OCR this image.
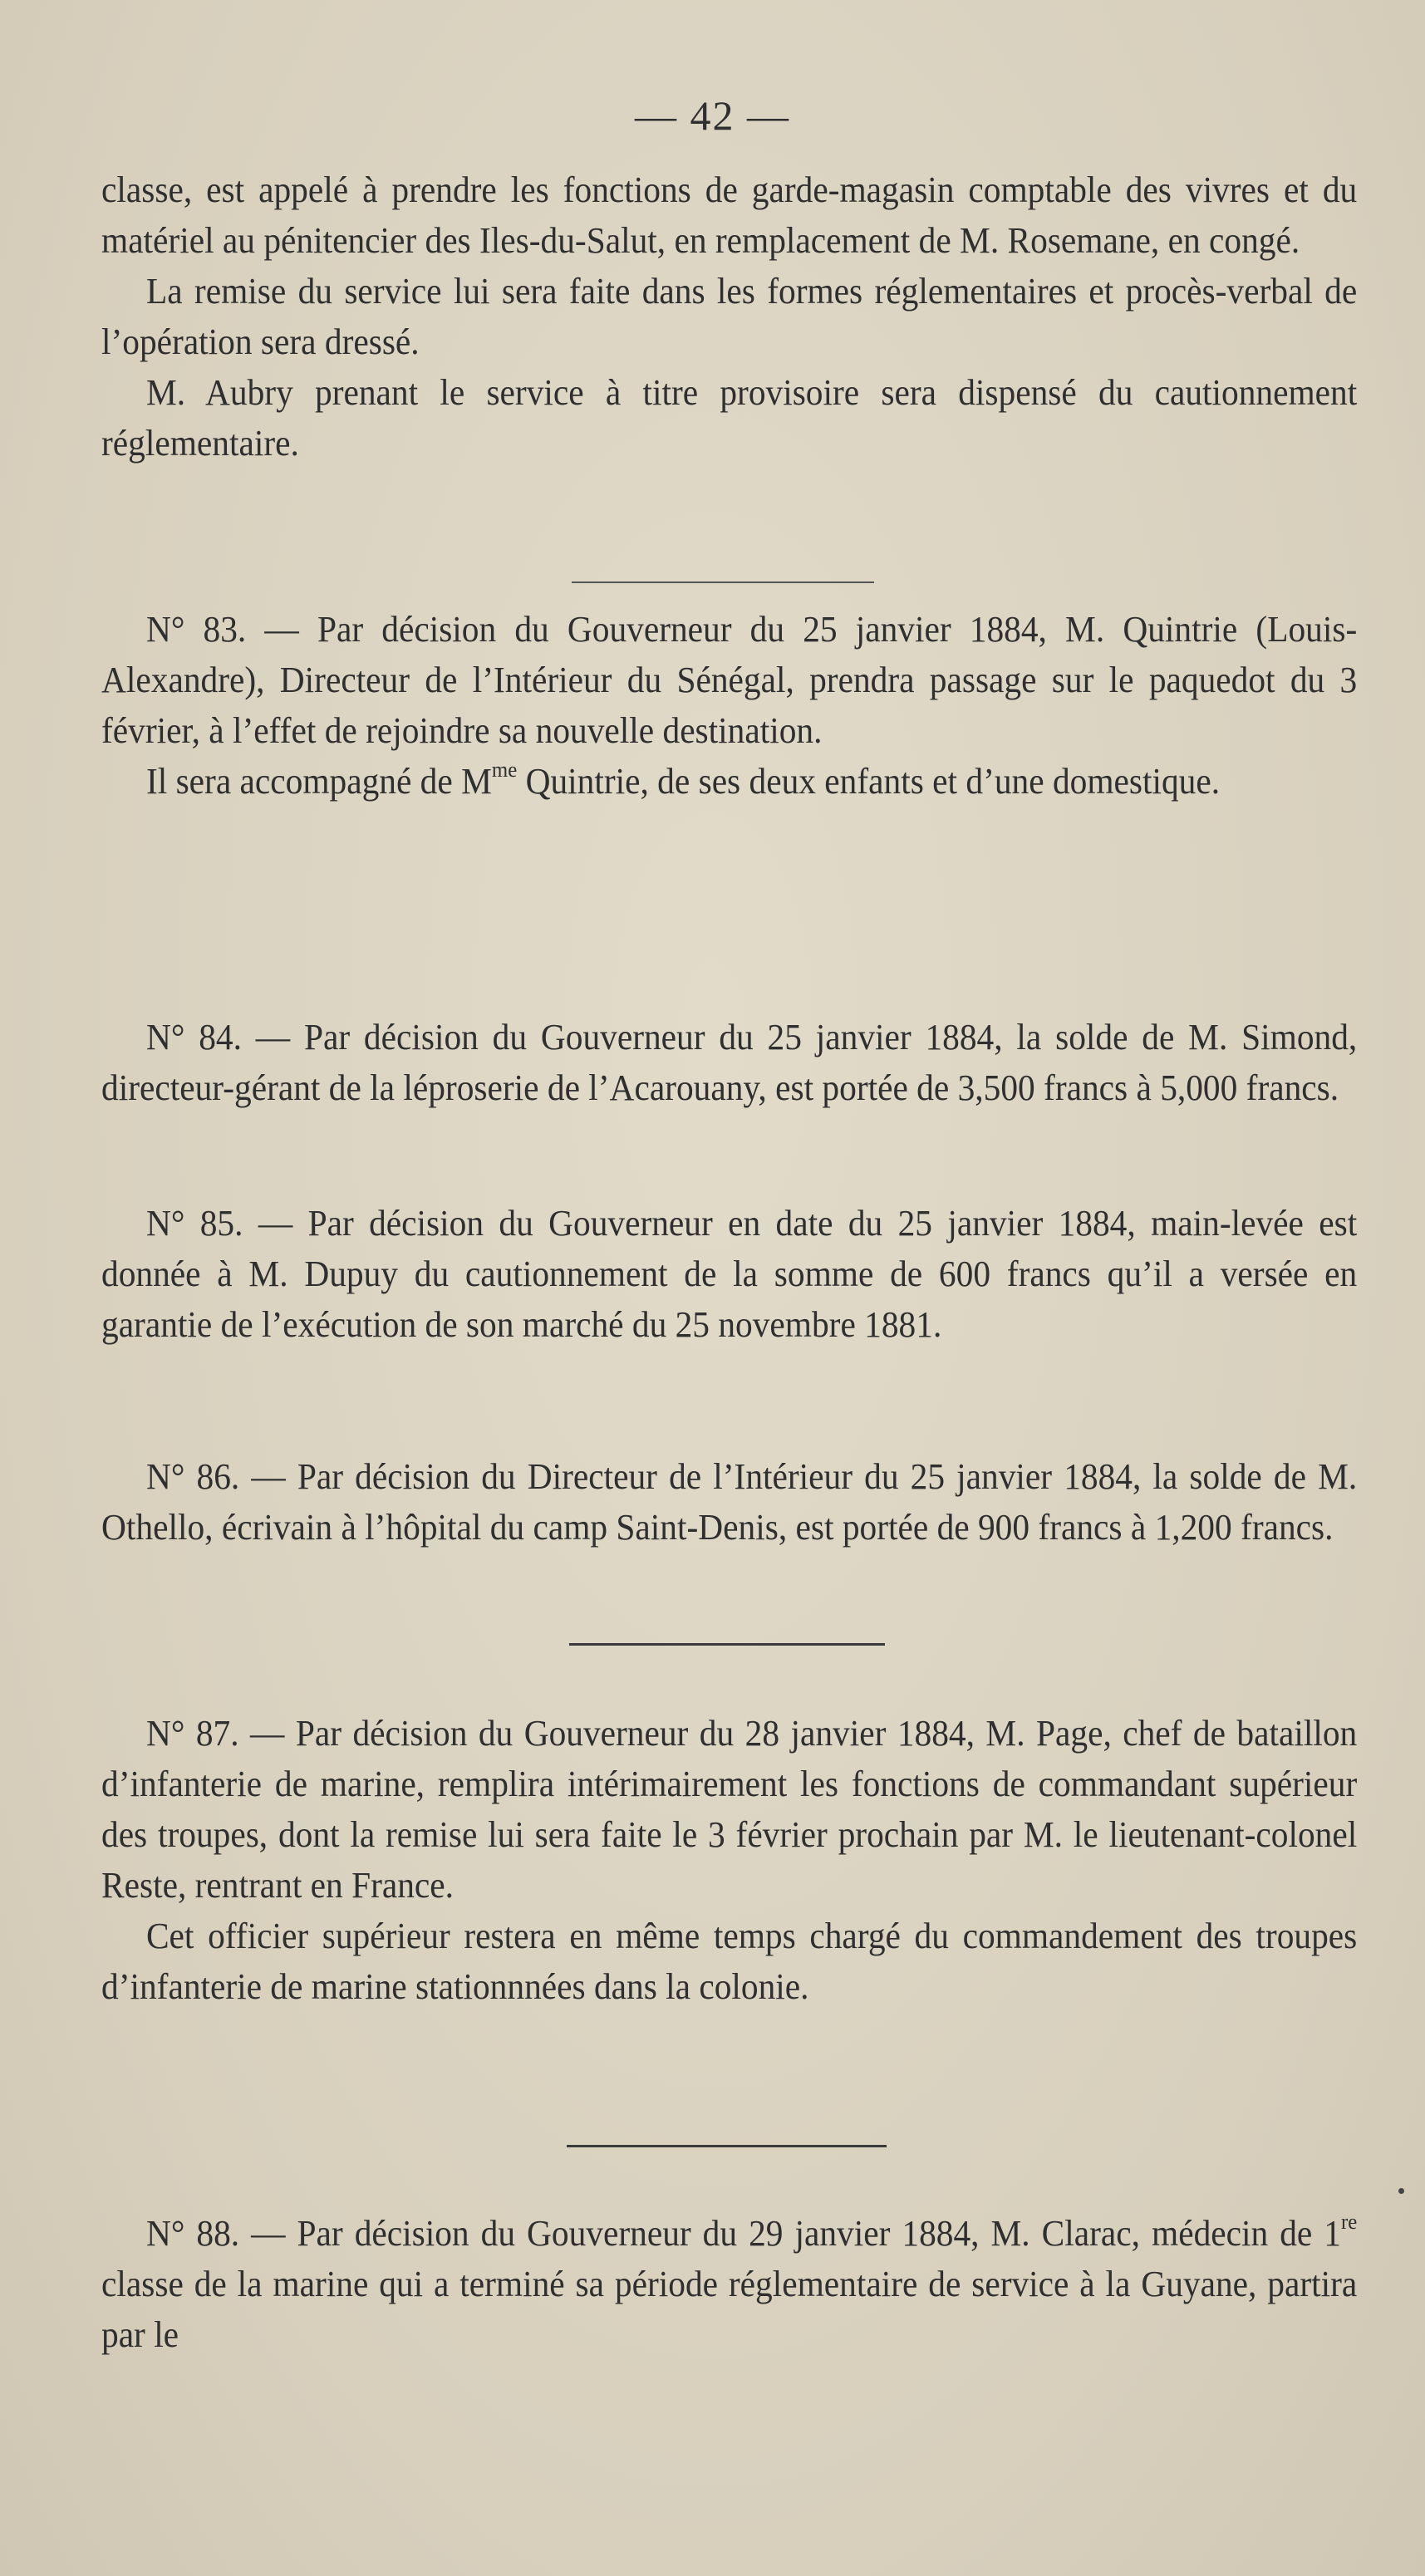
— 42 —

classe, est appelé à prendre les fonctions de garde-magasin comptable des vivres et du matériel au pénitencier des Iles-du-Salut, en remplacement de M. Rosemane, en congé.

La remise du service lui sera faite dans les formes réglementaires et procès-verbal de l’opération sera dressé.

M. Aubry prenant le service à titre provisoire sera dispensé du cautionnement réglementaire.

N° 83. — Par décision du Gouverneur du 25 janvier 1884, M. Quintrie (Louis-Alexandre), Directeur de l’Intérieur du Sénégal, prendra passage sur le paquedot du 3 février, à l’effet de rejoindre sa nouvelle destination.

Il sera accompagné de $M^{me}$ Quintrie, de ses deux enfants et d’une domestique.

N° 84. — Par décision du Gouverneur du 25 janvier 1884, la solde de M. Simond, directeur-gérant de la léproserie de l’Acarouany, est portée de 3,500 francs à 5,000 francs.

N° 85. — Par décision du Gouverneur en date du 25 janvier 1884, main-levée est donnée à M. Dupuy du cautionnement de la somme de 600 francs qu’il a versée en garantie de l’exécution de son marché du 25 novembre 1881.

N° 86. — Par décision du Directeur de l’Intérieur du 25 janvier 1884, la solde de M. Othello, écrivain à l’hôpital du camp Saint-Denis, est portée de 900 francs à 1,200 francs.

N° 87. — Par décision du Gouverneur du 28 janvier 1884, M. Page, chef de bataillon d’infanterie de marine, remplira intérimairement les fonctions de commandant supérieur des troupes, dont la remise lui sera faite le 3 février prochain par M. le lieutenant-colonel Reste, rentrant en France.

Cet officier supérieur restera en même temps chargé du commandement des troupes d’infanterie de marine stationnnées dans la colonie.

N° 88. — Par décision du Gouverneur du 29 janvier 1884, M. Clarac, médecin de 1re classe de la marine qui a terminé sa période réglementaire de service à la Guyane, partira par le
